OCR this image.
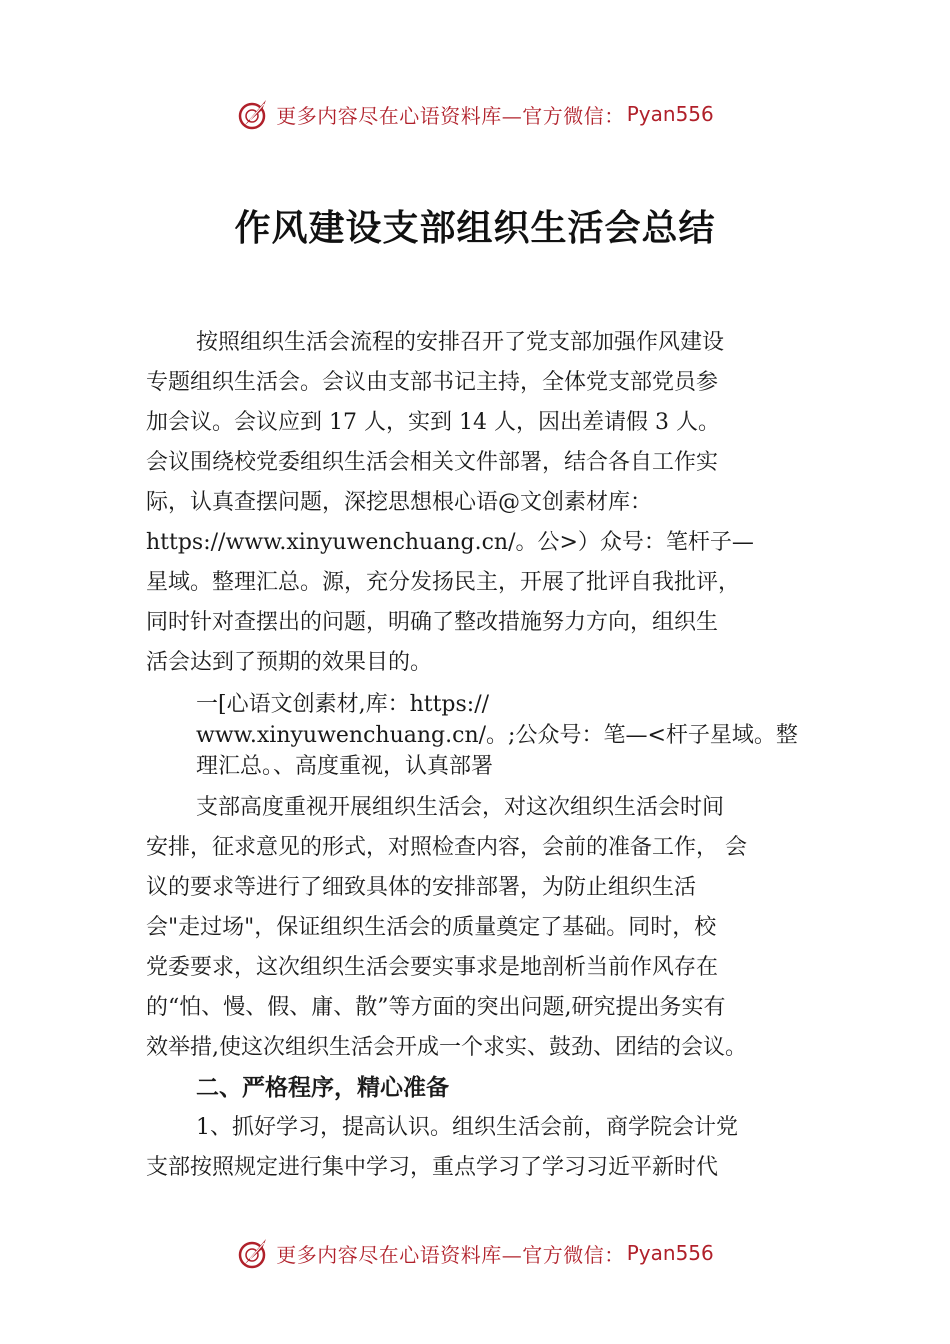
更多内容尽在心语资料库—官方微信： Pyan556
作风建设支部组织生活会总结
按照组织生活会流程的安排召开了党支部加强作风建设
专题组织生活会。会议由支部书记主持，全体党支部党员参
加会议。会议应到 17 人，实到 14 人，因出差请假 3 人。
会议围绕校党委组织生活会相关文件部署，结合各自工作实
际，认真查摆问题，深挖思想根心语@文创素材库：
https://www.xinyuwenchuang.cn/。公>）众号：笔杆子—
星域。整理汇总。源，充分发扬民主，开展了批评自我批评，
同时针对查摆出的问题，明确了整改措施努力方向，组织生
活会达到了预期的效果目的。
一[心语文创素材,库：https://
www.xinyuwenchuang.cn/。;公众号：笔—<杆子星域。整
理汇总。、高度重视，认真部署
支部高度重视开展组织生活会，对这次组织生活会时间
安排，征求意见的形式，对照检查内容，会前的准备工作， 会
议的要求等进行了细致具体的安排部署，为防止组织生活
会"走过场"，保证组织生活会的质量奠定了基础。同时，校
党委要求，这次组织生活会要实事求是地剖析当前作风存在
的“怕、慢、假、庸、散”等方面的突出问题,研究提出务实有
效举措,使这次组织生活会开成一个求实、鼓劲、团结的会议。
二、严格程序，精心准备
1、抓好学习，提高认识。组织生活会前，商学院会计党
支部按照规定进行集中学习，重点学习了学习习近平新时代
更多内容尽在心语资料库—官方微信： Pyan556
